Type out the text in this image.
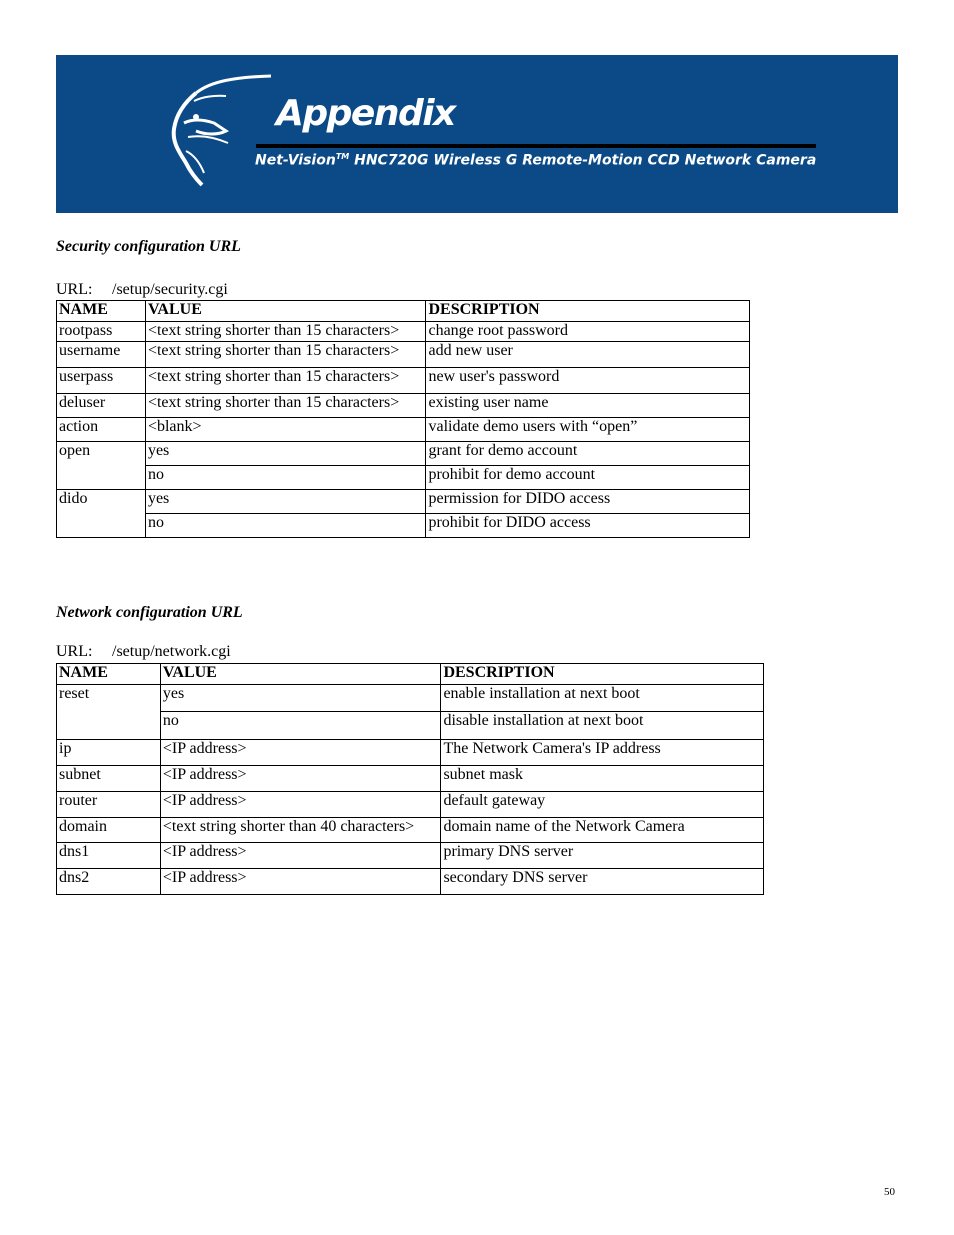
Appendix
Net-Vision™ HNC720G Wireless G Remote-Motion CCD Network Camera
Security configuration URL
URL: /setup/security.cgi
NAME	VALUE	DESCRIPTION
rootpass	<text string shorter than 15 characters>	change root password
username	<text string shorter than 15 characters>	add new user
userpass	<text string shorter than 15 characters>	new user's password
deluser	<text string shorter than 15 characters>	existing user name
action	<blank>	validate demo users with “open”
open	yes	grant for demo account
	no	prohibit for demo account
dido	yes	permission for DIDO access
	no	prohibit for DIDO access
Network configuration URL
URL: /setup/network.cgi
NAME	VALUE	DESCRIPTION
reset	yes	enable installation at next boot
	no	disable installation at next boot
ip	<IP address>	The Network Camera's IP address
subnet	<IP address>	subnet mask
router	<IP address>	default gateway
domain	<text string shorter than 40 characters>	domain name of the Network Camera
dns1	<IP address>	primary DNS server
dns2	<IP address>	secondary DNS server
50
